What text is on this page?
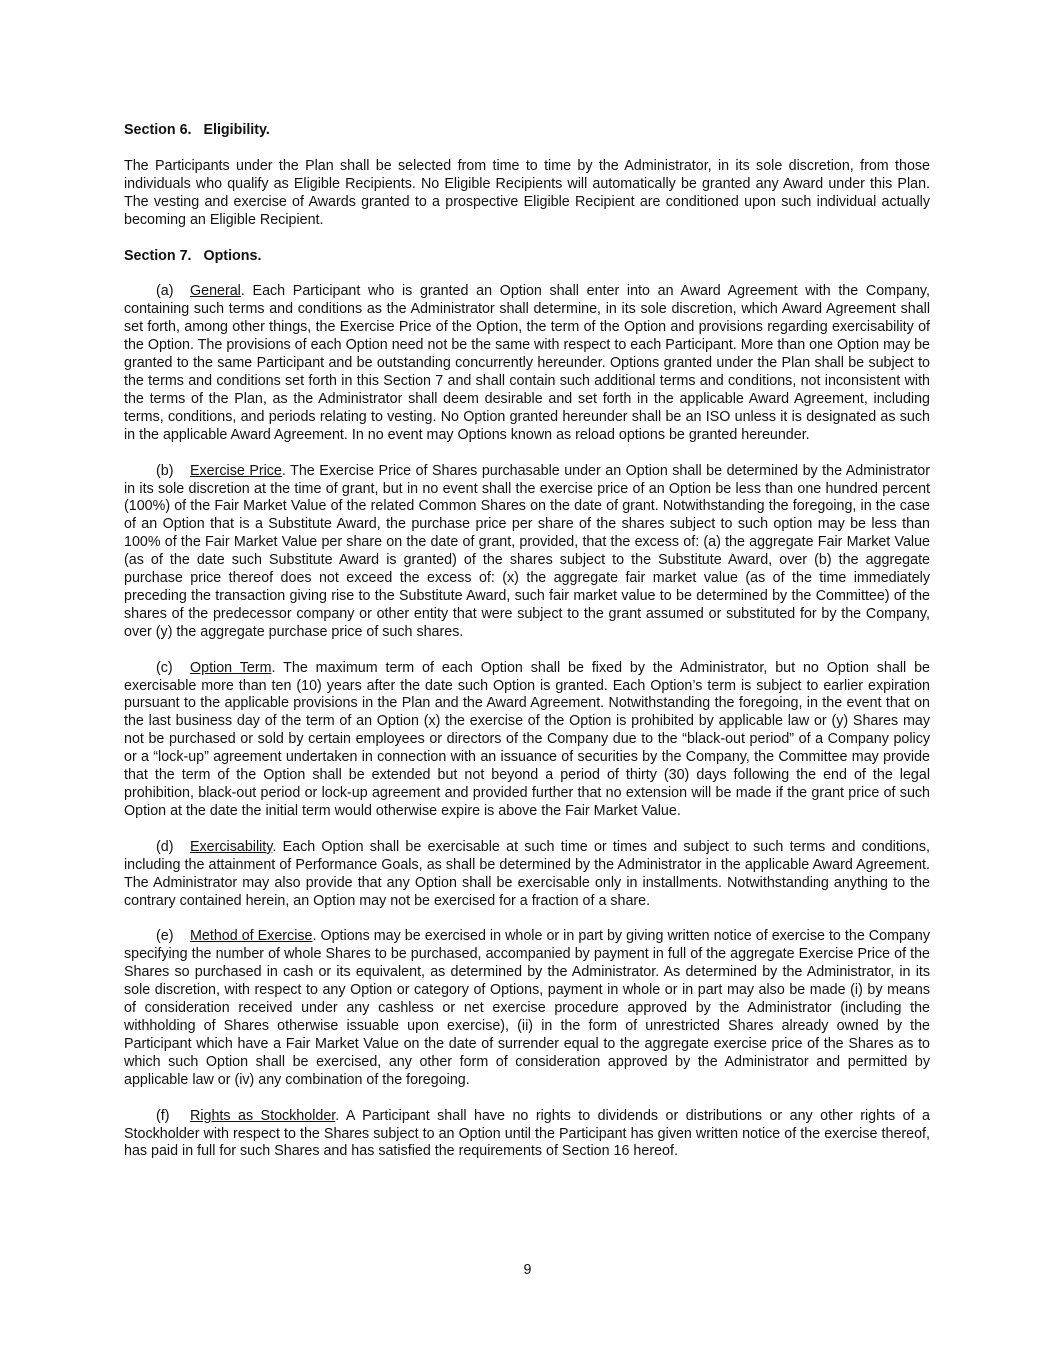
Section 6.   Eligibility.
The Participants under the Plan shall be selected from time to time by the Administrator, in its sole discretion, from those individuals who qualify as Eligible Recipients. No Eligible Recipients will automatically be granted any Award under this Plan. The vesting and exercise of Awards granted to a prospective Eligible Recipient are conditioned upon such individual actually becoming an Eligible Recipient.
Section 7.   Options.
(a) General. Each Participant who is granted an Option shall enter into an Award Agreement with the Company, containing such terms and conditions as the Administrator shall determine, in its sole discretion, which Award Agreement shall set forth, among other things, the Exercise Price of the Option, the term of the Option and provisions regarding exercisability of the Option. The provisions of each Option need not be the same with respect to each Participant. More than one Option may be granted to the same Participant and be outstanding concurrently hereunder. Options granted under the Plan shall be subject to the terms and conditions set forth in this Section 7 and shall contain such additional terms and conditions, not inconsistent with the terms of the Plan, as the Administrator shall deem desirable and set forth in the applicable Award Agreement, including terms, conditions, and periods relating to vesting. No Option granted hereunder shall be an ISO unless it is designated as such in the applicable Award Agreement. In no event may Options known as reload options be granted hereunder.
(b) Exercise Price. The Exercise Price of Shares purchasable under an Option shall be determined by the Administrator in its sole discretion at the time of grant, but in no event shall the exercise price of an Option be less than one hundred percent (100%) of the Fair Market Value of the related Common Shares on the date of grant. Notwithstanding the foregoing, in the case of an Option that is a Substitute Award, the purchase price per share of the shares subject to such option may be less than 100% of the Fair Market Value per share on the date of grant, provided, that the excess of: (a) the aggregate Fair Market Value (as of the date such Substitute Award is granted) of the shares subject to the Substitute Award, over (b) the aggregate purchase price thereof does not exceed the excess of: (x) the aggregate fair market value (as of the time immediately preceding the transaction giving rise to the Substitute Award, such fair market value to be determined by the Committee) of the shares of the predecessor company or other entity that were subject to the grant assumed or substituted for by the Company, over (y) the aggregate purchase price of such shares.
(c) Option Term. The maximum term of each Option shall be fixed by the Administrator, but no Option shall be exercisable more than ten (10) years after the date such Option is granted. Each Option’s term is subject to earlier expiration pursuant to the applicable provisions in the Plan and the Award Agreement. Notwithstanding the foregoing, in the event that on the last business day of the term of an Option (x) the exercise of the Option is prohibited by applicable law or (y) Shares may not be purchased or sold by certain employees or directors of the Company due to the “black-out period” of a Company policy or a “lock-up” agreement undertaken in connection with an issuance of securities by the Company, the Committee may provide that the term of the Option shall be extended but not beyond a period of thirty (30) days following the end of the legal prohibition, black-out period or lock-up agreement and provided further that no extension will be made if the grant price of such Option at the date the initial term would otherwise expire is above the Fair Market Value.
(d) Exercisability. Each Option shall be exercisable at such time or times and subject to such terms and conditions, including the attainment of Performance Goals, as shall be determined by the Administrator in the applicable Award Agreement. The Administrator may also provide that any Option shall be exercisable only in installments. Notwithstanding anything to the contrary contained herein, an Option may not be exercised for a fraction of a share.
(e) Method of Exercise. Options may be exercised in whole or in part by giving written notice of exercise to the Company specifying the number of whole Shares to be purchased, accompanied by payment in full of the aggregate Exercise Price of the Shares so purchased in cash or its equivalent, as determined by the Administrator. As determined by the Administrator, in its sole discretion, with respect to any Option or category of Options, payment in whole or in part may also be made (i) by means of consideration received under any cashless or net exercise procedure approved by the Administrator (including the withholding of Shares otherwise issuable upon exercise), (ii) in the form of unrestricted Shares already owned by the Participant which have a Fair Market Value on the date of surrender equal to the aggregate exercise price of the Shares as to which such Option shall be exercised, any other form of consideration approved by the Administrator and permitted by applicable law or (iv) any combination of the foregoing.
(f) Rights as Stockholder. A Participant shall have no rights to dividends or distributions or any other rights of a Stockholder with respect to the Shares subject to an Option until the Participant has given written notice of the exercise thereof, has paid in full for such Shares and has satisfied the requirements of Section 16 hereof.
9
